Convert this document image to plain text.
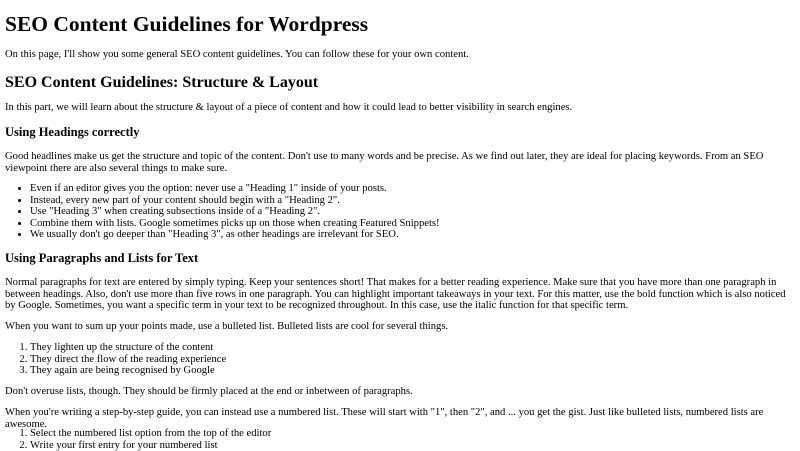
SEO Content Guidelines for Wordpress

On this page, I'll show you some general SEO content guidelines. You can follow these for your own content.

SEO Content Guidelines: Structure & Layout

In this part, we will learn about the structure & layout of a piece of content and how it could lead to better visibility in search engines.

Using Headings correctly

Good headlines make us get the structure and topic of the content. Don't use to many words and be precise. As we find out later, they are ideal for placing keywords. From an SEO viewpoint there are also several things to make sure.

• Even if an editor gives you the option: never use a "Heading 1" inside of your posts.
• Instead, every new part of your content should begin with a "Heading 2".
• Use "Heading 3" when creating subsections inside of a "Heading 2".
• Combine them with lists. Google sometimes picks up on those when creating Featured Snippets!
• We usually don't go deeper than "Heading 3", as other headings are irrelevant for SEO.
Using Paragraphs and Lists for Text

Normal paragraphs for text are entered by simply typing. Keep your sentences short! That makes for a better reading experience. Make sure that you have more than one paragraph in between headings. Also, don't use more than five rows in one paragraph. You can highlight important takeaways in your text. For this matter, use the bold function which is also noticed by Google. Sometimes, you want a specific term in your text to be recognized throughout. In this case, use the italic function for that specific term.

When you want to sum up your points made, use a bulleted list. Bulleted lists are cool for several things.

1. They lighten up the structure of the content
2. They direct the flow of the reading experience
3. They again are being recognised by Google

Don't overuse lists, though. They should be firmly placed at the end or inbetween of paragraphs.

When you're writing a step-by-step guide, you can instead use a numbered list. These will start with "1", then "2", and ... you get the gist. Just like bulleted lists, numbered lists are awesome.

1. Select the numbered list option from the top of the editor
2. Write your first entry for your numbered list
